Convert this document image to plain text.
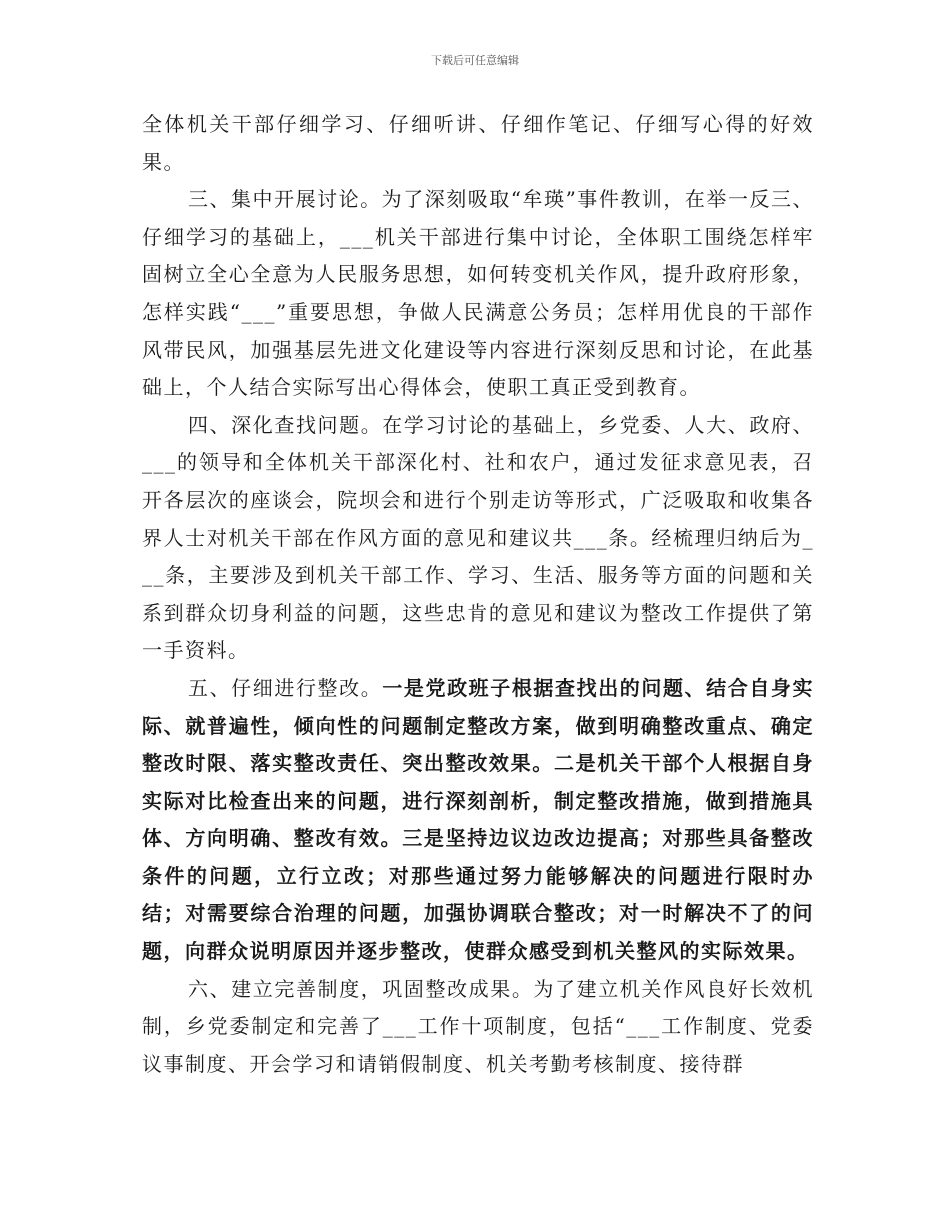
下载后可任意编辑

全体机关干部仔细学习、仔细听讲、仔细作笔记、仔细写心得的好效果。

三、集中开展讨论。为了深刻吸取“牟瑛”事件教训，在举一反三、仔细学习的基础上，___机关干部进行集中讨论，全体职工围绕怎样牢固树立全心全意为人民服务思想，如何转变机关作风，提升政府形象，怎样实践“___”重要思想，争做人民满意公务员；怎样用优良的干部作风带民风，加强基层先进文化建设等内容进行深刻反思和讨论，在此基础上，个人结合实际写出心得体会，使职工真正受到教育。

四、深化查找问题。在学习讨论的基础上，乡党委、人大、政府、___的领导和全体机关干部深化村、社和农户，通过发征求意见表，召开各层次的座谈会，院坝会和进行个别走访等形式，广泛吸取和收集各界人士对机关干部在作风方面的意见和建议共___条。经梳理归纳后为___条，主要涉及到机关干部工作、学习、生活、服务等方面的问题和关系到群众切身利益的问题，这些忠肯的意见和建议为整改工作提供了第一手资料。

五、仔细进行整改。一是党政班子根据查找出的问题、结合自身实际、就普遍性，倾向性的问题制定整改方案，做到明确整改重点、确定整改时限、落实整改责任、突出整改效果。二是机关干部个人根据自身实际对比检查出来的问题，进行深刻剖析，制定整改措施，做到措施具体、方向明确、整改有效。三是坚持边议边改边提高；对那些具备整改条件的问题，立行立改；对那些通过努力能够解决的问题进行限时办结；对需要综合治理的问题，加强协调联合整改；对一时解决不了的问题，向群众说明原因并逐步整改，使群众感受到机关整风的实际效果。

六、建立完善制度，巩固整改成果。为了建立机关作风良好长效机制，乡党委制定和完善了___工作十项制度，包括“___工作制度、党委议事制度、开会学习和请销假制度、机关考勤考核制度、接待群
